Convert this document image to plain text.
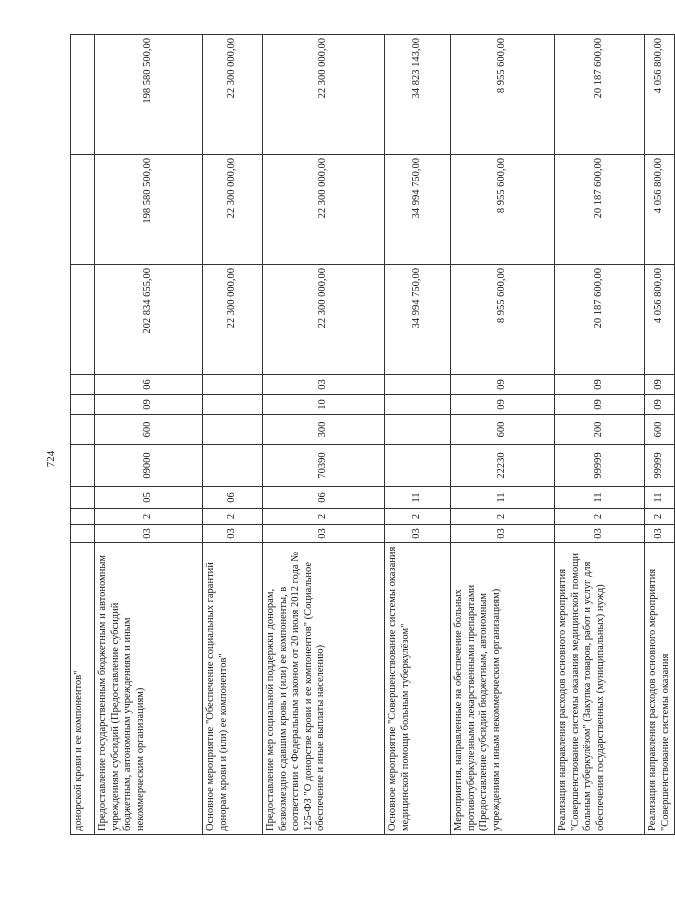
724
донорской крови и ее компонентов"										
Предоставление государственным бюджетным и автономным учреждениям субсидий (Предоставление субсидий бюджетным, автономным учреждениям и иным некоммерческим организациям)	03	2	05	09000	600	09	06	202 834 655,00	198 580 500,00	198 580 500,00
Основное мероприятие "Обеспечение социальных гарантий донорам крови и (или) ее компонентов"	03	2	06					22 300 000,00	22 300 000,00	22 300 000,00
Предоставление мер социальной поддержки донорам, безвозмездно сдавшим кровь и (или) ее компоненты, в соответствии с Федеральным законом от 20 июля 2012 года № 125-ФЗ "О донорстве крови и ее компонентов" (Социальное обеспечение и иные выплаты населению)	03	2	06	70390	300	10	03	22 300 000,00	22 300 000,00	22 300 000,00
Основное мероприятие "Совершенствование системы оказания медицинской помощи больным туберкулёзом"	03	2	11					34 994 750,00	34 994 750,00	34 823 143,00
Мероприятия, направленные на обеспечение больных противотуберкулезными лекарственными препаратами (Предоставление субсидий бюджетным, автономным учреждениям и иным некоммерческим организациям)	03	2	11	22230	600	09	09	8 955 600,00	8 955 600,00	8 955 600,00
Реализация направления расходов основного мероприятия "Совершенствование системы оказания медицинской помощи больным туберкулёзом" (Закупка товаров, работ и услуг для обеспечения государственных (муниципальных) нужд)	03	2	11	99999	200	09	09	20 187 600,00	20 187 600,00	20 187 600,00
Реализация направления расходов основного мероприятия "Совершенствование системы оказания	03	2	11	99999	600	09	09	4 056 800,00	4 056 800,00	4 056 800,00
